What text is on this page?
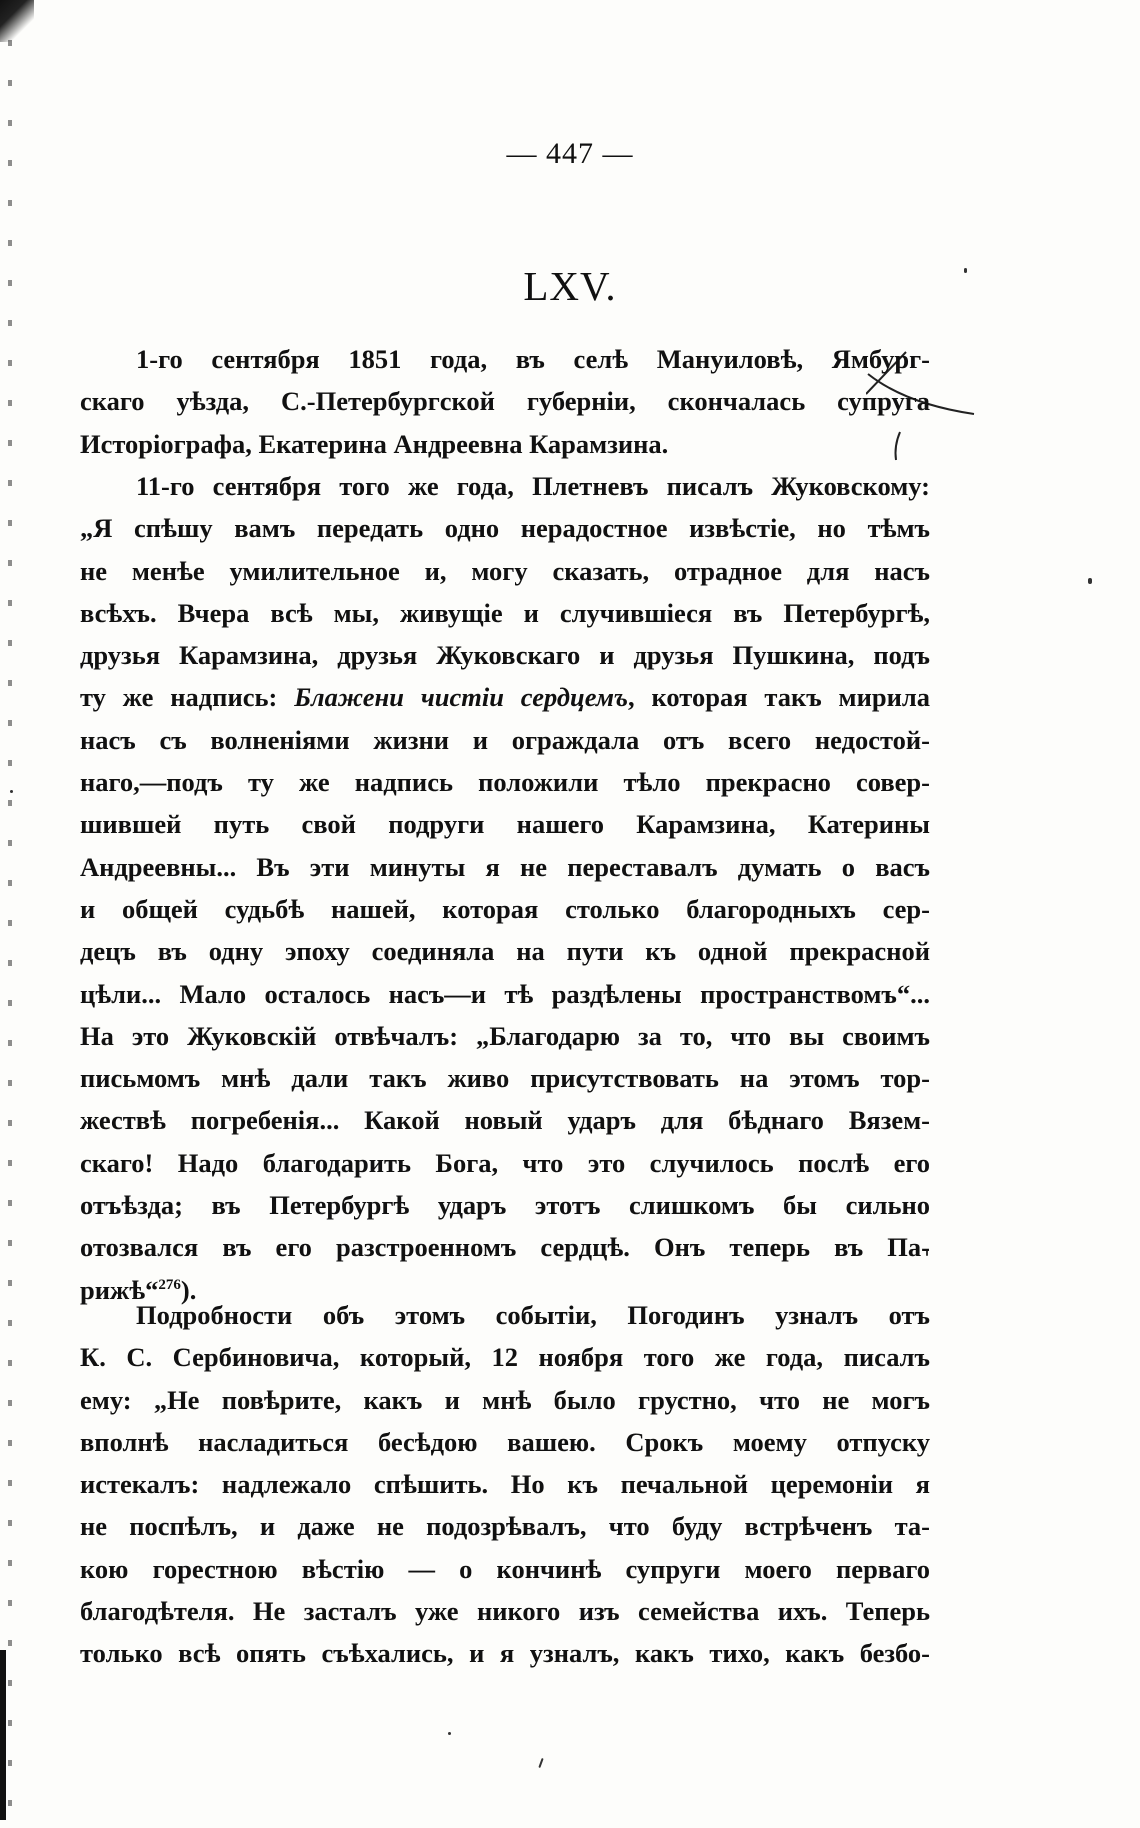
— 447 —
LXV.
1-го сентября 1851 года, въ селѣ Мануиловѣ, Ямбург-
скаго уѣзда, С.-Петербургской губерніи, скончалась супруга
Исторіографа, Екатерина Андреевна Карамзина.
11-го сентября того же года, Плетневъ писалъ Жуковскому:
„Я спѣшу вамъ передать одно нерадостное извѣстіе, но тѣмъ
не менѣе умилительное и, могу сказать, отрадное для насъ
всѣхъ. Вчера всѣ мы, живущіе и случившіеся въ Петербургѣ,
друзья Карамзина, друзья Жуковскаго и друзья Пушкина, подъ
ту же надпись: Блажени чистiи сердцемъ, которая такъ мирила
насъ съ волненіями жизни и ограждала отъ всего недостой-
наго,—подъ ту же надпись положили тѣло прекрасно совер-
шившей путь свой подруги нашего Карамзина, Катерины
Андреевны... Въ эти минуты я не переставалъ думать о васъ
и общей судьбѣ нашей, которая столько благородныхъ сер-
децъ въ одну эпоху соединяла на пути къ одной прекрасной
цѣли... Мало осталось насъ—и тѣ раздѣлены пространствомъ“...
На это Жуковскій отвѣчалъ: „Благодарю за то, что вы своимъ
письмомъ мнѣ дали такъ живо присутствовать на этомъ тор-
жествѣ погребенія... Какой новый ударъ для бѣднаго Вязем-
скаго! Надо благодарить Бога, что это случилось послѣ его
отъѣзда; въ Петербургѣ ударъ этотъ слишкомъ бы сильно
отозвался въ его разстроенномъ сердцѣ. Онъ теперь въ Па-
рижѣ“$^{276}$).
Подробности объ этомъ событіи, Погодинъ узналъ отъ
К. С. Сербиновича, который, 12 ноября того же года, писалъ
ему: „Не повѣрите, какъ и мнѣ было грустно, что не могъ
вполнѣ насладиться бесѣдою вашею. Срокъ моему отпуску
истекалъ: надлежало спѣшить. Но къ печальной церемоніи я
не поспѣлъ, и даже не подозрѣвалъ, что буду встрѣченъ та-
кою горестною вѣстію — о кончинѣ супруги моего перваго
благодѣтеля. Не засталъ уже никого изъ семейства ихъ. Теперь
только всѣ опять съѣхались, и я узналъ, какъ тихо, какъ безбо-
